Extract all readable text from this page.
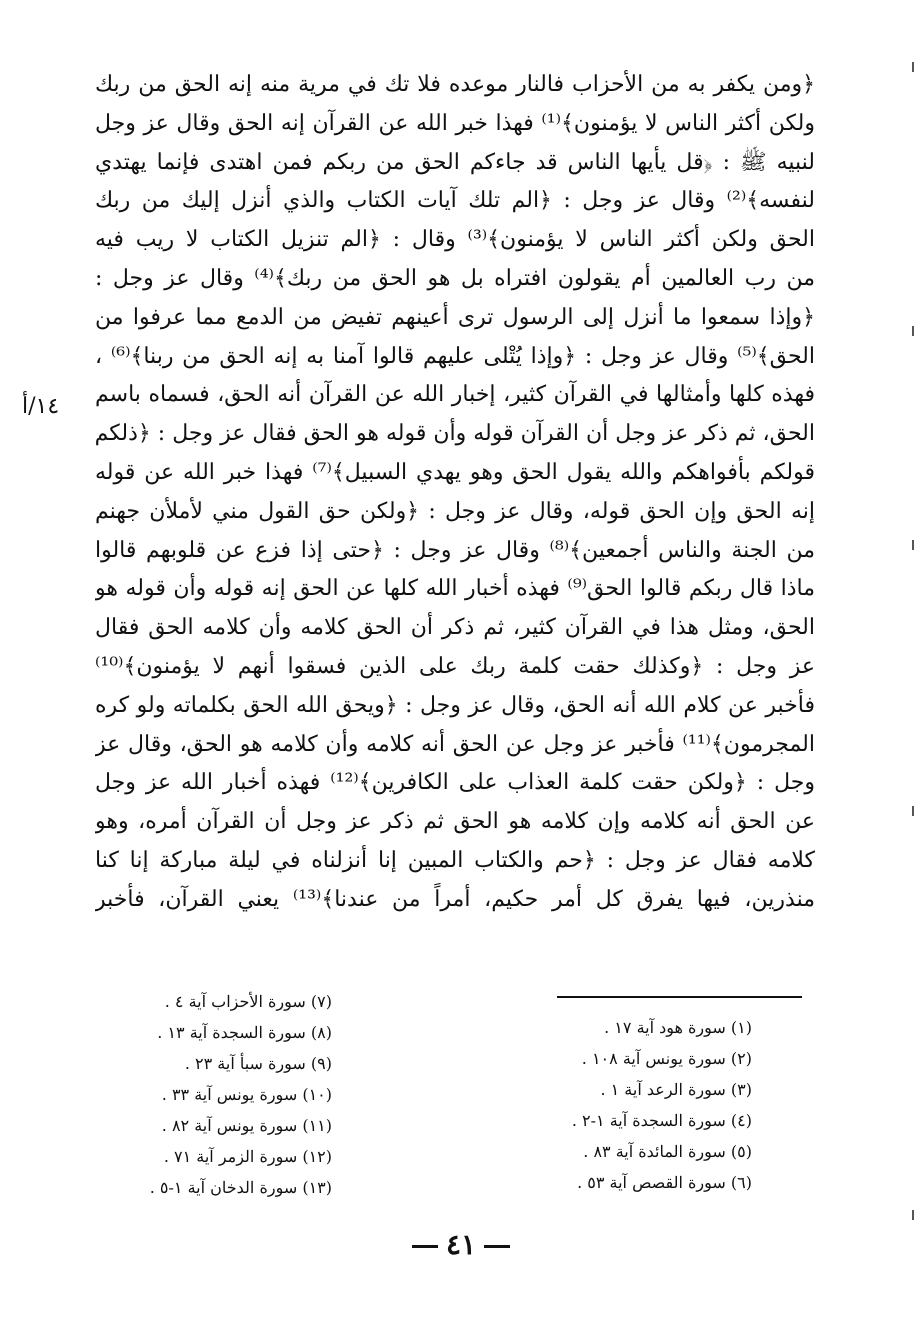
﴿ومن يكفر به من الأحزاب فالنار موعده فلا تك في مرية منه إنه الحق من ربك
ولكن أكثر الناس لا يؤمنون﴾⁽¹⁾ فهذا خبر الله عن القرآن إنه الحق وقال عز وجل
لنبيه ﷺ : ﴿قل يأيها الناس قد جاءكم الحق من ربكم فمن اهتدى فإنما يهتدي
لنفسه﴾⁽²⁾ وقال عز وجل : ﴿الم تلك آيات الكتاب والذي أنزل إليك من ربك
الحق ولكن أكثر الناس لا يؤمنون﴾⁽³⁾ وقال : ﴿الم تنزيل الكتاب لا ريب فيه
من رب العالمين أم يقولون افتراه بل هو الحق من ربك﴾⁽⁴⁾ وقال عز وجل :
﴿وإذا سمعوا ما أنزل إلى الرسول ترى أعينهم تفيض من الدمع مما عرفوا من
الحق﴾⁽⁵⁾ وقال عز وجل : ﴿وإذا يُتْلى عليهم قالوا آمنا به إنه الحق من ربنا﴾⁽⁶⁾ ،
فهذه كلها وأمثالها في القرآن كثير، إخبار الله عن القرآن أنه الحق، فسماه باسم
الحق، ثم ذكر عز وجل أن القرآن قوله وأن قوله هو الحق فقال عز وجل : ﴿ذلكم
قولكم بأفواهكم والله يقول الحق وهو يهدي السبيل﴾⁽⁷⁾ فهذا خبر الله عن قوله
إنه الحق وإن الحق قوله، وقال عز وجل : ﴿ولكن حق القول مني لأملأن جهنم
من الجنة والناس أجمعين﴾⁽⁸⁾ وقال عز وجل : ﴿حتى إذا فزع عن قلوبهم قالوا
ماذا قال ربكم قالوا الحق⁽⁹⁾ فهذه أخبار الله كلها عن الحق إنه قوله وأن قوله هو
الحق، ومثل هذا في القرآن كثير، ثم ذكر أن الحق كلامه وأن كلامه الحق فقال
عز وجل : ﴿وكذلك حقت كلمة ربك على الذين فسقوا أنهم لا يؤمنون﴾⁽¹⁰⁾
فأخبر عن كلام الله أنه الحق، وقال عز وجل : ﴿ويحق الله الحق بكلماته ولو كره
المجرمون﴾⁽¹¹⁾ فأخبر عز وجل عن الحق أنه كلامه وأن كلامه هو الحق، وقال عز
وجل : ﴿ولكن حقت كلمة العذاب على الكافرين﴾⁽¹²⁾ فهذه أخبار الله عز وجل
عن الحق أنه كلامه وإن كلامه هو الحق ثم ذكر عز وجل أن القرآن أمره، وهو
كلامه فقال عز وجل : ﴿حم والكتاب المبين إنا أنزلناه في ليلة مباركة إنا كنا
منذرين، فيها يفرق كل أمر حكيم، أمراً من عندنا﴾⁽¹³⁾ يعني القرآن، فأخبر
١٤/أ
(١) سورة هود آية ١٧ .
(٢) سورة يونس آية ١٠٨ .
(٣) سورة الرعد آية ١ .
(٤) سورة السجدة آية ١-٢ .
(٥) سورة المائدة آية ٨٣ .
(٦) سورة القصص آية ٥٣ .
(٧) سورة الأحزاب آية ٤ .
(٨) سورة السجدة آية ١٣ .
(٩) سورة سبأ آية ٢٣ .
(١٠) سورة يونس آية ٣٣ .
(١١) سورة يونس آية ٨٢ .
(١٢) سورة الزمر آية ٧١ .
(١٣) سورة الدخان آية ١-٥ .
٤١
